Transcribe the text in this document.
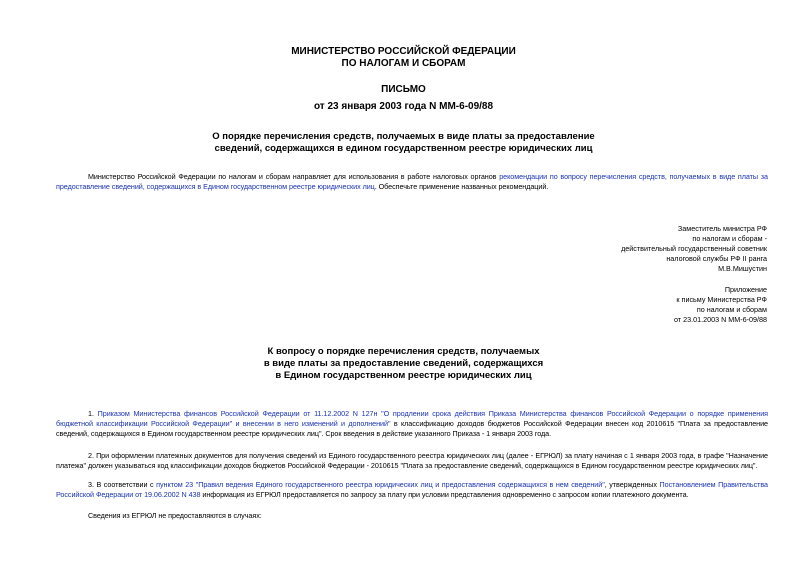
МИНИСТЕРСТВО РОССИЙСКОЙ ФЕДЕРАЦИИ
ПО НАЛОГАМ И СБОРАМ
ПИСЬМО
от 23 января 2003 года N ММ-6-09/88
О порядке перечисления средств, получаемых в виде платы за предоставление
сведений, содержащихся в едином государственном реестре юридических лиц
Министерство Российской Федерации по налогам и сборам направляет для использования в работе налоговых органов рекомендации по вопросу перечисления средств, получаемых в виде платы за предоставление сведений, содержащихся в Едином государственном реестре юридических лиц. Обеспечьте применение названных рекомендаций.
Заместитель министра РФ
по налогам и сборам -
действительный государственный советник
налоговой службы РФ II ранга
М.В.Мишустин
Приложение
к письму Министерства РФ
по налогам и сборам
от 23.01.2003 N ММ-6-09/88
К вопросу о порядке перечисления средств, получаемых
в виде платы за предоставление сведений, содержащихся
в Едином государственном реестре юридических лиц
1. Приказом Министерства финансов Российской Федерации от 11.12.2002 N 127н "О продлении срока действия Приказа Министерства финансов Российской Федерации о порядке применения бюджетной классификации Российской Федерации" и внесении в него изменений и дополнений" в классификацию доходов бюджетов Российской Федерации внесен код 2010615 "Плата за предоставление сведений, содержащихся в Едином государственном реестре юридических лиц". Срок введения в действие указанного Приказа - 1 января 2003 года.
2. При оформлении платежных документов для получения сведений из Единого государственного реестра юридических лиц (далее - ЕГРЮЛ) за плату начиная с 1 января 2003 года, в графе "Назначение платежа" должен указываться код классификации доходов бюджетов Российской Федерации - 2010615 "Плата за предоставление сведений, содержащихся в Едином государственном реестре юридических лиц".
3. В соответствии с пунктом 23 "Правил ведения Единого государственного реестра юридических лиц и предоставления содержащихся в нем сведений", утвержденных Постановлением Правительства Российской Федерации от 19.06.2002 N 438 информация из ЕГРЮЛ предоставляется по запросу за плату при условии представления одновременно с запросом копии платежного документа.
Сведения из ЕГРЮЛ не предоставляются в случаях:
